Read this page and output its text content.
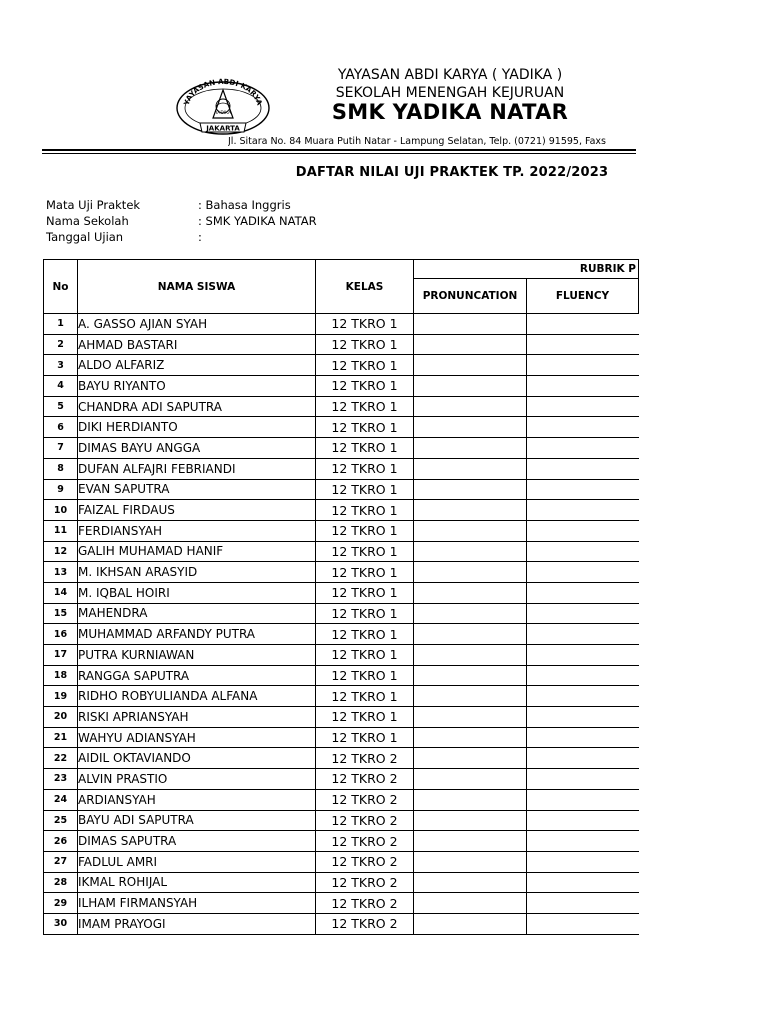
YAYASAN ABDI KARYA
YADIKA
JAKARTA
YAYASAN ABDI KARYA ( YADIKA )
SEKOLAH MENENGAH KEJURUAN
SMK YADIKA NATAR
Jl. Sitara No. 84 Muara Putih Natar - Lampung Selatan, Telp. (0721) 91595, Faxs
DAFTAR NILAI UJI PRAKTEK TP. 2022/2023
Mata Uji Praktek	: Bahasa Inggris
Nama Sekolah	: SMK YADIKA NATAR
Tanggal Ujian	:
No	NAMA SISWA	KELAS	RUBRIK P	
			PRONUNCATION	FLUENCY
1	A. GASSO AJIAN SYAH	12 TKRO 1		
2	AHMAD BASTARI	12 TKRO 1		
3	ALDO ALFARIZ	12 TKRO 1		
4	BAYU RIYANTO	12 TKRO 1		
5	CHANDRA ADI SAPUTRA	12 TKRO 1		
6	DIKI HERDIANTO	12 TKRO 1		
7	DIMAS BAYU ANGGA	12 TKRO 1		
8	DUFAN ALFAJRI FEBRIANDI	12 TKRO 1		
9	EVAN SAPUTRA	12 TKRO 1		
10	FAIZAL FIRDAUS	12 TKRO 1		
11	FERDIANSYAH	12 TKRO 1		
12	GALIH MUHAMAD HANIF	12 TKRO 1		
13	M. IKHSAN ARASYID	12 TKRO 1		
14	M. IQBAL HOIRI	12 TKRO 1		
15	MAHENDRA	12 TKRO 1		
16	MUHAMMAD ARFANDY PUTRA	12 TKRO 1		
17	PUTRA KURNIAWAN	12 TKRO 1		
18	RANGGA SAPUTRA	12 TKRO 1		
19	RIDHO ROBYULIANDA ALFANA	12 TKRO 1		
20	RISKI APRIANSYAH	12 TKRO 1		
21	WAHYU ADIANSYAH	12 TKRO 1		
22	AIDIL OKTAVIANDO	12 TKRO 2		
23	ALVIN PRASTIO	12 TKRO 2		
24	ARDIANSYAH	12 TKRO 2		
25	BAYU ADI SAPUTRA	12 TKRO 2		
26	DIMAS SAPUTRA	12 TKRO 2		
27	FADLUL AMRI	12 TKRO 2		
28	IKMAL ROHIJAL	12 TKRO 2		
29	ILHAM FIRMANSYAH	12 TKRO 2		
30	IMAM PRAYOGI	12 TKRO 2		
